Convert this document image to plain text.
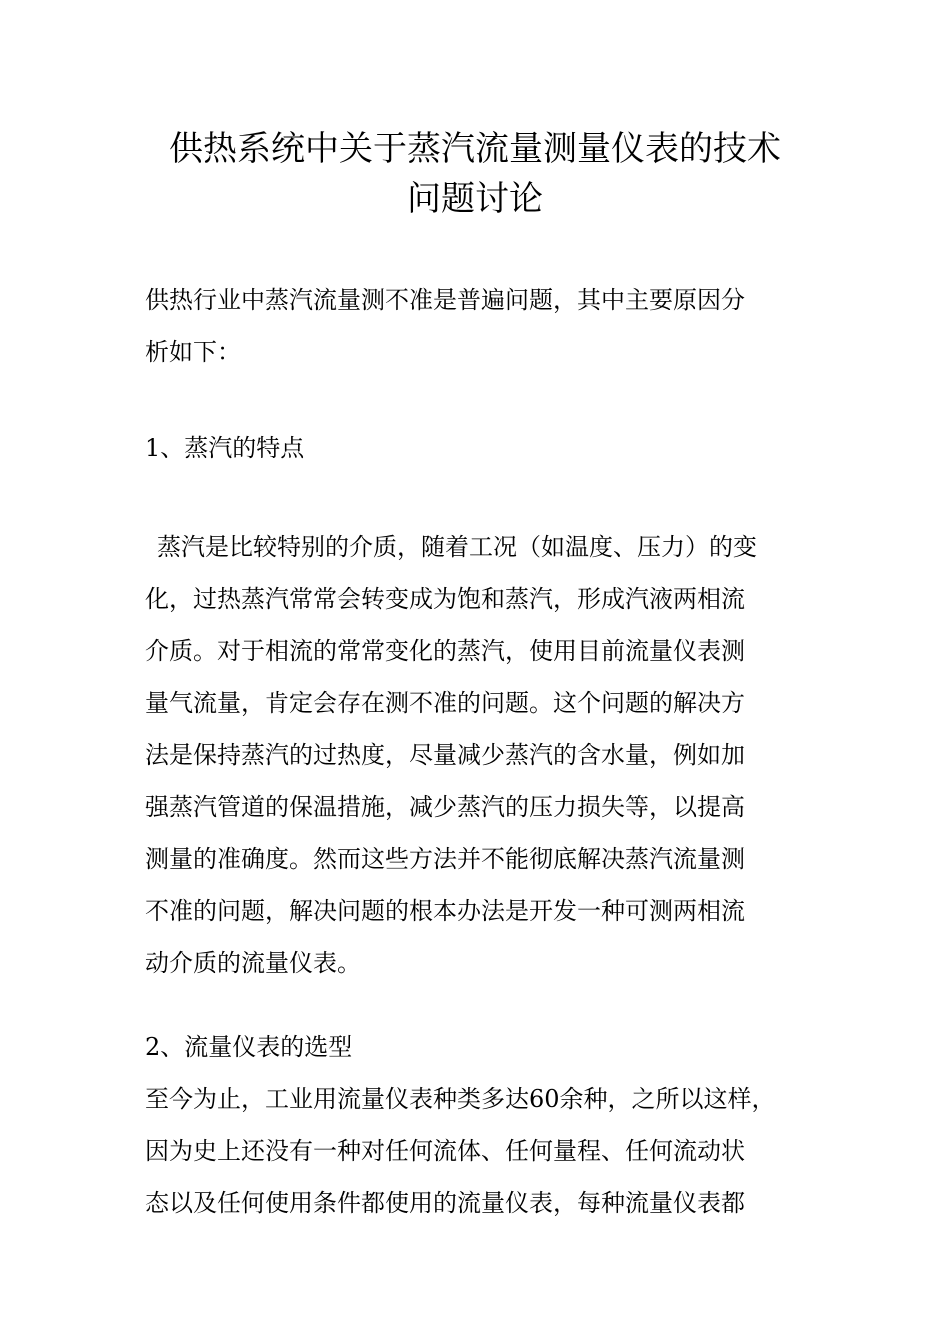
供热系统中关于蒸汽流量测量仪表的技术
问题讨论
供热行业中蒸汽流量测不准是普遍问题，其中主要原因分
析如下：
1、蒸汽的特点
蒸汽是比较特别的介质，随着工况（如温度、压力）的变
化，过热蒸汽常常会转变成为饱和蒸汽，形成汽液两相流
介质。对于相流的常常变化的蒸汽，使用目前流量仪表测
量气流量，肯定会存在测不准的问题。这个问题的解决方
法是保持蒸汽的过热度，尽量减少蒸汽的含水量，例如加
强蒸汽管道的保温措施，减少蒸汽的压力损失等，以提高
测量的准确度。然而这些方法并不能彻底解决蒸汽流量测
不准的问题，解决问题的根本办法是开发一种可测两相流
动介质的流量仪表。
2、流量仪表的选型
至今为止，工业用流量仪表种类多达60余种，之所以这样，
因为史上还没有一种对任何流体、任何量程、任何流动状
态以及任何使用条件都使用的流量仪表，每种流量仪表都
